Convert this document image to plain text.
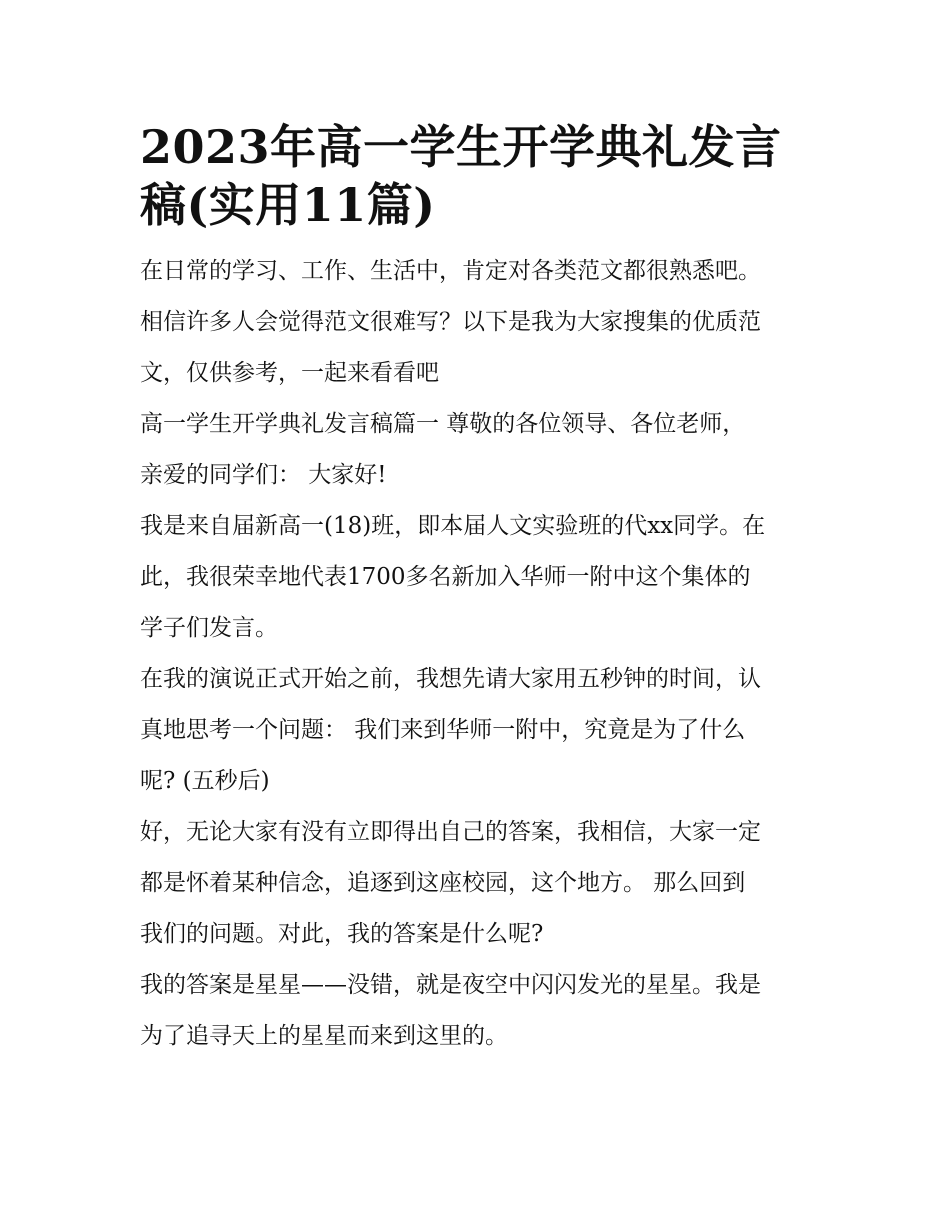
2023年高一学生开学典礼发言
稿(实用11篇)

在日常的学习、工作、生活中，肯定对各类范文都很熟悉吧。
相信许多人会觉得范文很难写？以下是我为大家搜集的优质范
文，仅供参考，一起来看看吧

高一学生开学典礼发言稿篇一 尊敬的各位领导、各位老师，
亲爱的同学们： 大家好!

我是来自届新高一(18)班，即本届人文实验班的代xx同学。在
此，我很荣幸地代表1700多名新加入华师一附中这个集体的
学子们发言。

在我的演说正式开始之前，我想先请大家用五秒钟的时间，认
真地思考一个问题： 我们来到华师一附中，究竟是为了什么
呢? (五秒后)

好，无论大家有没有立即得出自己的答案，我相信，大家一定
都是怀着某种信念，追逐到这座校园，这个地方。 那么回到
我们的问题。对此，我的答案是什么呢?

我的答案是星星——没错，就是夜空中闪闪发光的星星。我是
为了追寻天上的星星而来到这里的。
